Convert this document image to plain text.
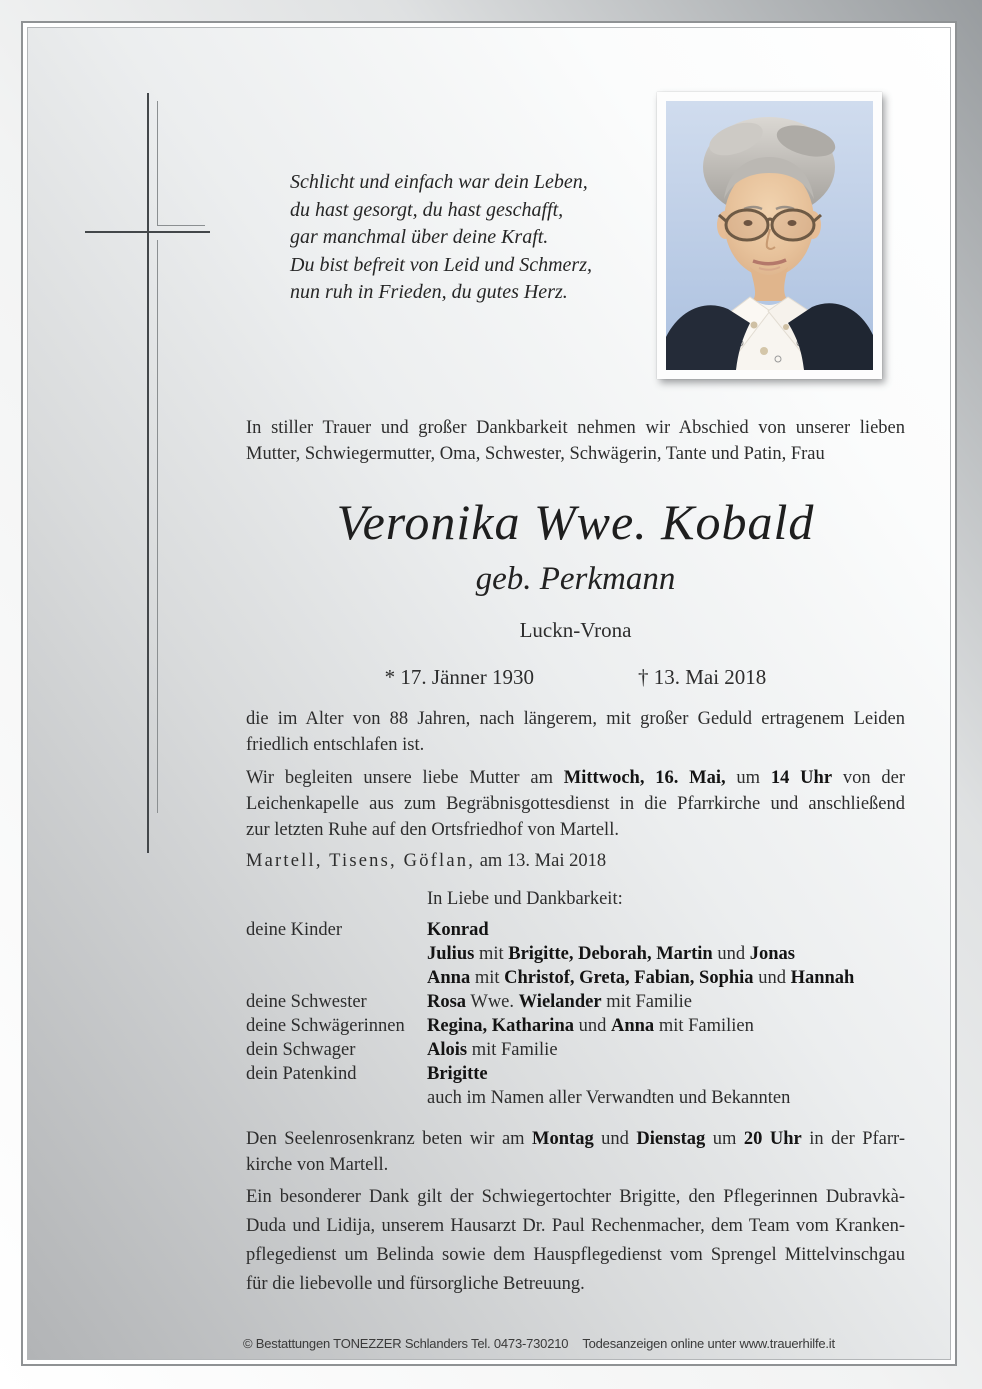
Schlicht und einfach war dein Leben,
du hast gesorgt, du hast geschafft,
gar manchmal über deine Kraft.
Du bist befreit von Leid und Schmerz,
nun ruh in Frieden, du gutes Herz.
In stiller Trauer und großer Dankbarkeit nehmen wir Abschied von unserer lieben
Mutter, Schwiegermutter, Oma, Schwester, Schwägerin, Tante und Patin, Frau
Veronika Wwe. Kobald
geb. Perkmann
Luckn-Vrona
* 17. Jänner 1930	† 13. Mai 2018
die im Alter von 88 Jahren, nach längerem, mit großer Geduld ertragenem Leiden
friedlich entschlafen ist.
Wir begleiten unsere liebe Mutter am Mittwoch, 16. Mai, um 14 Uhr von der
Leichenkapelle aus zum Begräbnisgottesdienst in die Pfarrkirche und anschließend
zur letzten Ruhe auf den Ortsfriedhof von Martell.
Martell, Tisens, Göflan, am 13. Mai 2018
In Liebe und Dankbarkeit:
deine Kinder	Konrad
Julius mit Brigitte, Deborah, Martin und Jonas
Anna mit Christof, Greta, Fabian, Sophia und Hannah
deine Schwester	Rosa Wwe. Wielander mit Familie
deine Schwägerinnen	Regina, Katharina und Anna mit Familien
dein Schwager	Alois mit Familie
dein Patenkind	Brigitte
auch im Namen aller Verwandten und Bekannten
Den Seelenrosenkranz beten wir am Montag und Dienstag um 20 Uhr in der Pfarr-
kirche von Martell.
Ein besonderer Dank gilt der Schwiegertochter Brigitte, den Pflegerinnen Dubravkà-
Duda und Lidija, unserem Hausarzt Dr. Paul Rechenmacher, dem Team vom Kranken-
pflegedienst um Belinda sowie dem Hauspflegedienst vom Sprengel Mittelvinschgau
für die liebevolle und fürsorgliche Betreuung.
© Bestattungen TONEZZER Schlanders Tel. 0473-730210 Todesanzeigen online unter www.trauerhilfe.it
